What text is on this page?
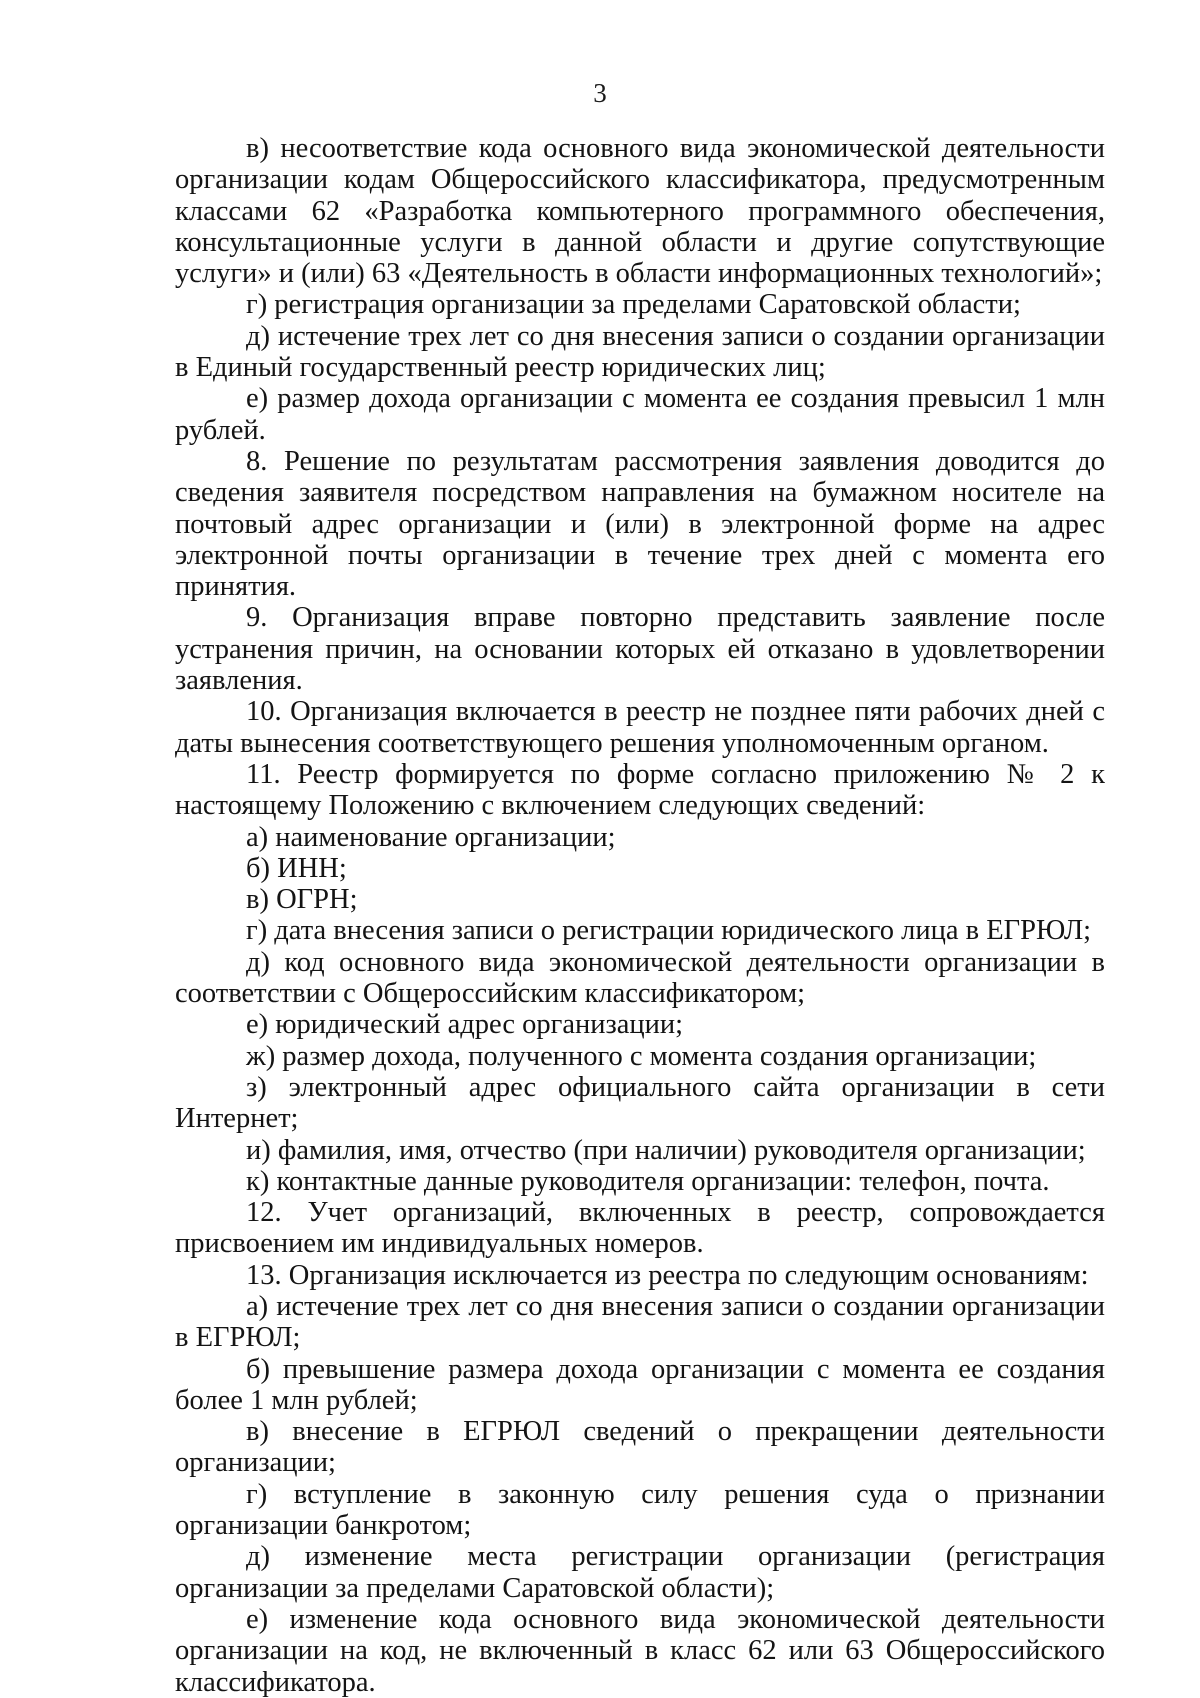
3

в) несоответствие кода основного вида экономической деятельности организации кодам Общероссийского классификатора, предусмотренным классами 62 «Разработка компьютерного программного обеспечения, консультационные услуги в данной области и другие сопутствующие услуги» и (или) 63 «Деятельность в области информационных технологий»;

г) регистрация организации за пределами Саратовской области;

д) истечение трех лет со дня внесения записи о создании организации в Единый государственный реестр юридических лиц;

е) размер дохода организации с момента ее создания превысил 1 млн рублей.

8. Решение по результатам рассмотрения заявления доводится до сведения заявителя посредством направления на бумажном носителе на почтовый адрес организации и (или) в электронной форме на адрес электронной почты организации в течение трех дней с момента его принятия.

9. Организация вправе повторно представить заявление после устранения причин, на основании которых ей отказано в удовлетворении заявления.

10. Организация включается в реестр не позднее пяти рабочих дней с даты вынесения соответствующего решения уполномоченным органом.

11. Реестр формируется по форме согласно приложению № 2 к настоящему Положению с включением следующих сведений:

а) наименование организации;

б) ИНН;

в) ОГРН;

г) дата внесения записи о регистрации юридического лица в ЕГРЮЛ;

д) код основного вида экономической деятельности организации в соответствии с Общероссийским классификатором;

е) юридический адрес организации;

ж) размер дохода, полученного с момента создания организации;

з) электронный адрес официального сайта организации в сети Интернет;

и) фамилия, имя, отчество (при наличии) руководителя организации;

к) контактные данные руководителя организации: телефон, почта.

12. Учет организаций, включенных в реестр, сопровождается присвоением им индивидуальных номеров.

13. Организация исключается из реестра по следующим основаниям:

а) истечение трех лет со дня внесения записи о создании организации в ЕГРЮЛ;

б) превышение размера дохода организации с момента ее создания более 1 млн рублей;

в) внесение в ЕГРЮЛ сведений о прекращении деятельности организации;

г) вступление в законную силу решения суда о признании организации банкротом;

д) изменение места регистрации организации (регистрация организации за пределами Саратовской области);

е) изменение кода основного вида экономической деятельности организации на код, не включенный в класс 62 или 63 Общероссийского классификатора.
